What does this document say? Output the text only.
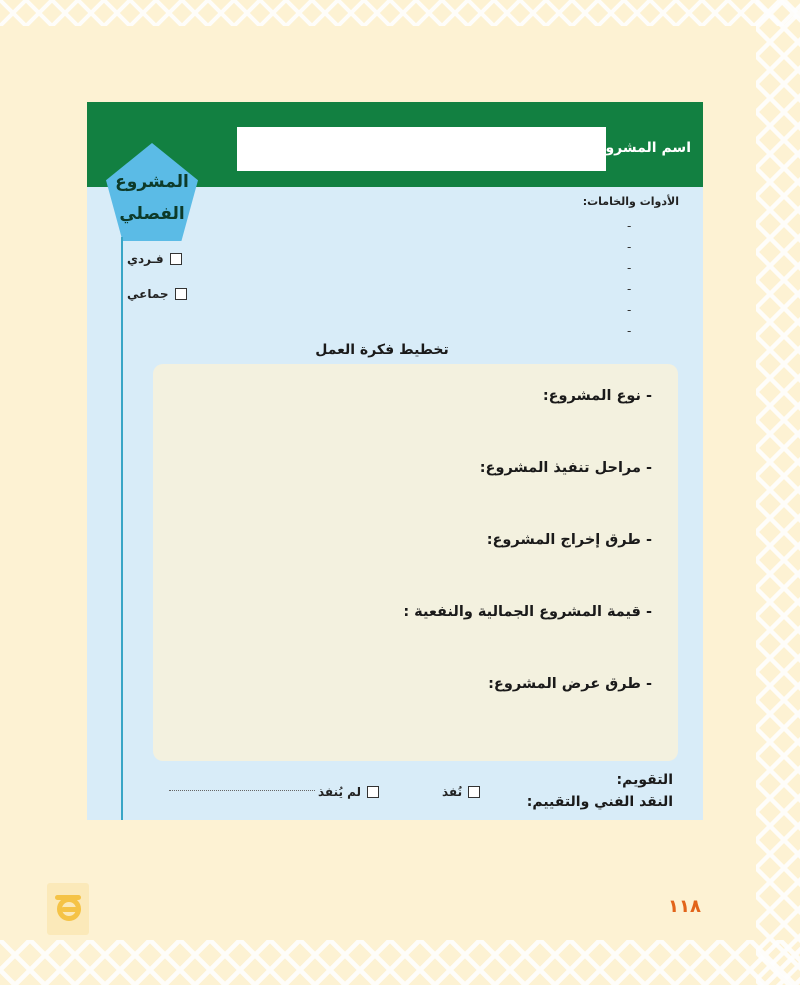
اسم المشروع
المشروع
الفصلي
فـردي
جماعي
الأدوات والخامات:
-
-
-
-
-
-
تخطيط فكرة العمل
- نوع المشروع:
- مراحل تنفيذ المشروع:
- طرق إخراج المشروع:
- قيمة المشروع الجمالية والنفعية :
- طرق عرض المشروع:
التقويم:
النقد الفني والتقييم:
نُفذ
لم يُنفذ
١١٨
